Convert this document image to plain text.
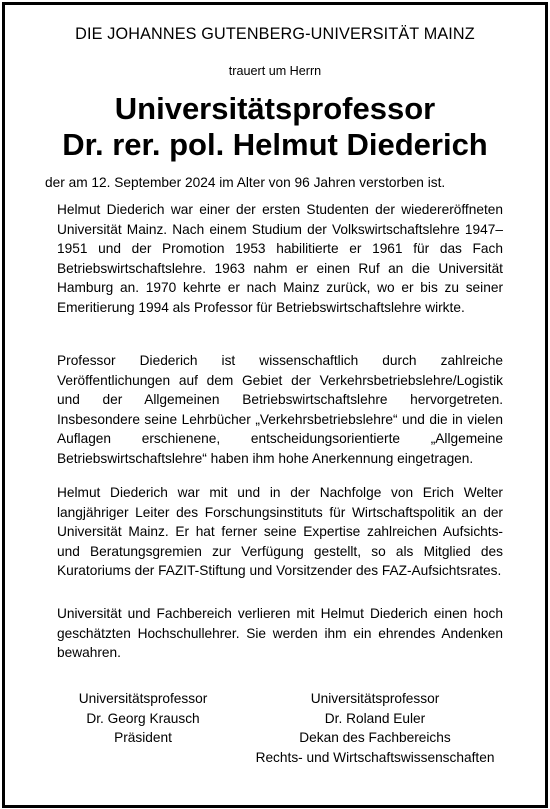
DIE JOHANNES GUTENBERG-UNIVERSITÄT MAINZ
trauert um Herrn
Universitätsprofessor
Dr. rer. pol. Helmut Diederich
der am 12. September 2024 im Alter von 96 Jahren verstorben ist.
Helmut Diederich war einer der ersten Studenten der wiedereröffneten Universität Mainz. Nach einem Studium der Volkswirtschaftslehre 1947–1951 und der Promotion 1953 habilitierte er 1961 für das Fach Betriebswirtschaftslehre. 1963 nahm er einen Ruf an die Universität Hamburg an. 1970 kehrte er nach Mainz zurück, wo er bis zu seiner Emeritierung 1994 als Professor für Betriebswirtschaftslehre wirkte.
Professor Diederich ist wissenschaftlich durch zahlreiche Veröffentlichungen auf dem Gebiet der Verkehrsbetriebslehre/Logistik und der Allgemeinen Betriebswirtschaftslehre hervorgetreten. Insbesondere seine Lehrbücher „Verkehrsbetriebslehre“ und die in vielen Auflagen erschienene, entscheidungsorientierte „Allgemeine Betriebswirtschaftslehre“ haben ihm hohe Anerkennung eingetragen.
Helmut Diederich war mit und in der Nachfolge von Erich Welter langjähriger Leiter des Forschungsinstituts für Wirtschaftspolitik an der Universität Mainz. Er hat ferner seine Expertise zahlreichen Aufsichts- und Beratungsgremien zur Verfügung gestellt, so als Mitglied des Kuratoriums der FAZIT-Stiftung und Vorsitzender des FAZ-Aufsichtsrates.
Universität und Fachbereich verlieren mit Helmut Diederich einen hoch geschätzten Hochschullehrer. Sie werden ihm ein ehrendes Andenken bewahren.
Universitätsprofessor
Dr. Georg Krausch
Präsident
Universitätsprofessor
Dr. Roland Euler
Dekan des Fachbereichs
Rechts- und Wirtschaftswissenschaften
